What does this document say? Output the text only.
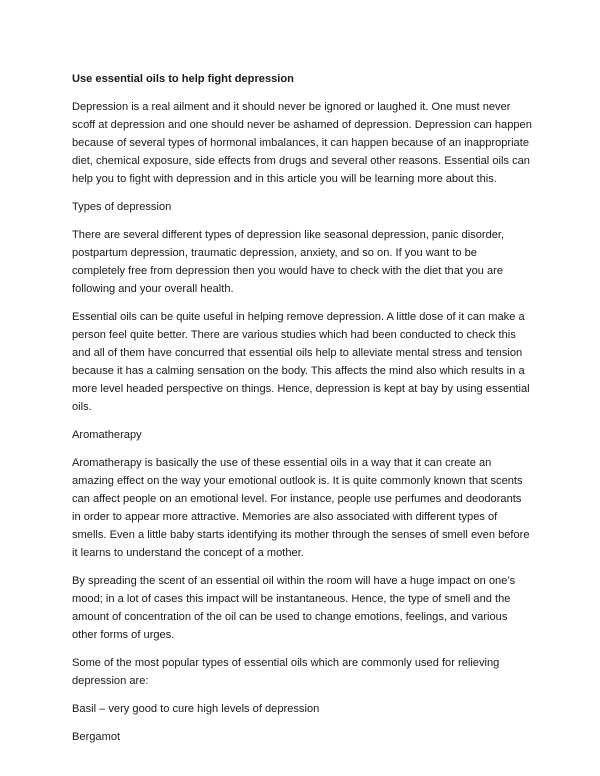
Use essential oils to help fight depression

Depression is a real ailment and it should never be ignored or laughed it. One must never scoff at depression and one should never be ashamed of depression. Depression can happen because of several types of hormonal imbalances, it can happen because of an inappropriate diet, chemical exposure, side effects from drugs and several other reasons. Essential oils can help you to fight with depression and in this article you will be learning more about this.

Types of depression

There are several different types of depression like seasonal depression, panic disorder, postpartum depression, traumatic depression, anxiety, and so on. If you want to be completely free from depression then you would have to check with the diet that you are following and your overall health.

Essential oils can be quite useful in helping remove depression. A little dose of it can make a person feel quite better. There are various studies which had been conducted to check this and all of them have concurred that essential oils help to alleviate mental stress and tension because it has a calming sensation on the body. This affects the mind also which results in a more level headed perspective on things. Hence, depression is kept at bay by using essential oils.

Aromatherapy

Aromatherapy is basically the use of these essential oils in a way that it can create an amazing effect on the way your emotional outlook is. It is quite commonly known that scents can affect people on an emotional level. For instance, people use perfumes and deodorants in order to appear more attractive. Memories are also associated with different types of smells. Even a little baby starts identifying its mother through the senses of smell even before it learns to understand the concept of a mother.

By spreading the scent of an essential oil within the room will have a huge impact on one’s mood; in a lot of cases this impact will be instantaneous. Hence, the type of smell and the amount of concentration of the oil can be used to change emotions, feelings, and various other forms of urges.

Some of the most popular types of essential oils which are commonly used for relieving depression are:

Basil – very good to cure high levels of depression

Bergamot
